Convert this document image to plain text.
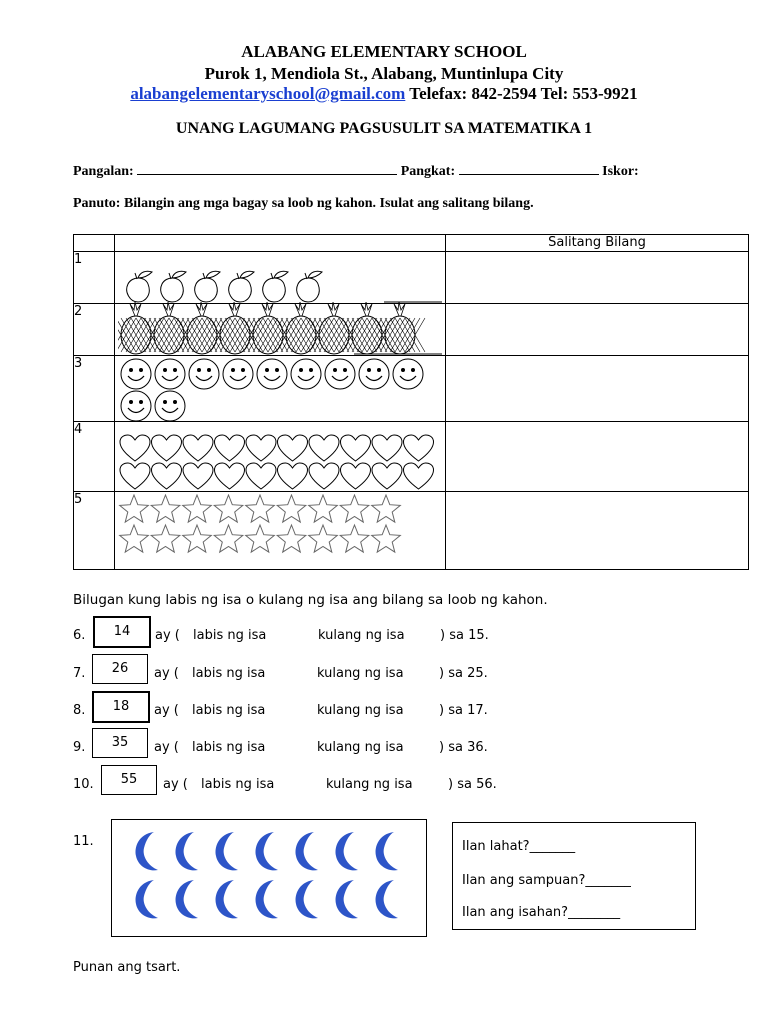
ALABANG ELEMENTARY SCHOOL
Purok 1, Mendiola St., Alabang, Muntinlupa City
alabangelementaryschool@gmail.com Telefax: 842-2594 Tel: 553-9921
UNANG LAGUMANG PAGSUSULIT SA MATEMATIKA 1
Pangalan:	Pangkat:	Iskor:
Panuto: Bilangin ang mga bagay sa loob ng kahon. Isulat ang salitang bilang.
		Salitang Bilang
1		
2		
3		
4		
5		
Bilugan kung labis ng isa o kulang ng isa ang bilang sa loob ng kahon.
6.	14	ay ( labis ng isa	kulang ng isa	) sa 15.
7.	26	ay ( labis ng isa	kulang ng isa	) sa 25.
8.	18	ay ( labis ng isa	kulang ng isa	) sa 17.
9.	35	ay ( labis ng isa	kulang ng isa	) sa 36.
10.	55	ay ( labis ng isa	kulang ng isa	) sa 56.
11.	Ilan lahat?_______
Ilan ang sampuan?_______
Ilan ang isahan?________
Punan ang tsart.
